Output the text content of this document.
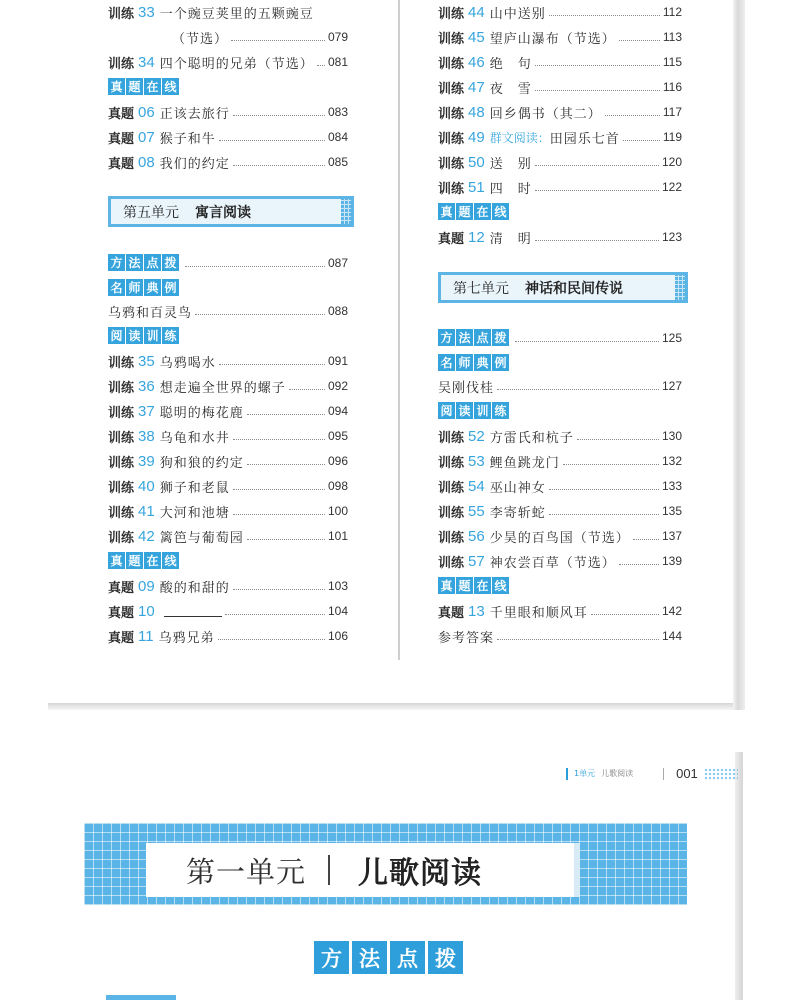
训练 33 一个豌豆荚里的五颗豌豆
（节选）	079
训练 34 四个聪明的兄弟（节选） 081
真 题 在 线
真题 06 正该去旅行	083
真题 07 猴子和牛	084
真题 08 我们的约定	085
第五单元 寓言阅读
方 法 点 拨	087
名 师 典 例
乌鸦和百灵鸟	088
阅 读 训 练
训练 35 乌鸦喝水	091
训练 36 想走遍全世界的螺子	092
训练 37 聪明的梅花鹿	094
训练 38 乌龟和水井	095
训练 39 狗和狼的约定	096
训练 40 狮子和老鼠	098
训练 41 大河和池塘	100
训练 42 篱笆与葡萄园	101
真 题 在 线
真题 09 酸的和甜的	103
真题 10	104
真题 11 乌鸦兄弟	106
训练 44 山中送别	112
训练 45 望庐山瀑布（节选）	113
训练 46 绝　句	115
训练 47 夜　雪	116
训练 48 回乡偶书（其二）	117
训练 49 群文阅读： 田园乐七首	119
训练 50 送　别	120
训练 51 四　时	122
真 题 在 线
真题 12 清　明	123
第七单元 神话和民间传说
方 法 点 拨	125
名 师 典 例
吴刚伐桂	127
阅 读 训 练
训练 52 方雷氏和杭子	130
训练 53 鲤鱼跳龙门	132
训练 54 巫山神女	133
训练 55 李寄斩蛇	135
训练 56 少昊的百鸟国（节选）	137
训练 57 神农尝百草（节选）	139
真 题 在 线
真题 13 千里眼和顺风耳	142
参考答案	144
1单元 儿歌阅读	001
第一单元 儿歌阅读
方 法 点 拨
